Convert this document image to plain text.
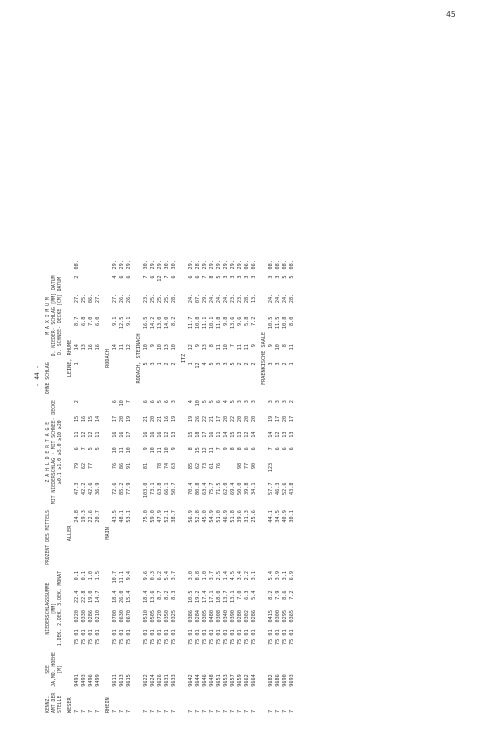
45
- 44 -
KENNZ.
AMT DER
STELLE	SEE
JA,MO. HOEHE
[M]	NIEDERSCHLAGSSUMME
[MM]
1.DEK. 2.DEK. 3.DEK. MONAT				PROZENT DES MITTELS	Z A H L D E R T A G E
MIT NIEDERSCHLAG · MIT SCHNEE- DECKE
≥0.1 ≥1.0 ≥5.0 ≥10 ≥20						OHNE SCHLAG	M A X I M U M
D. NIEDER- SCHLAG [MM] DATUM
D. SCHNEE- DECKE [CM] DATUM				
WESER				ALLER					LEINE, RHUME									
7	9491	75 01	0220	22.4	0.1	24.8	47.3	79	6	11	15	2	1	14	8.7	27.	2	08.
7	9493	75 01	0330	22.8	0.1	19.3	42.2	62	7	12	16			13	6.8	25.		
7	9496	75 01	0286	19.0	1.0	22.6	42.6	77	5	12	15			16	7.0	06.		
7	9499	75 01	0210	14.7	1.5	20.7	36.9		5	11	14			16	6.0	27.		
RHEIN				MAIN					RODACH									
7	9611	75 01	0700	18.4	10.7	43.5	72.6	76	10	16	17	6		14	9.1	27.	4	29.
7	9613	75 01	0630	26.0	11.1	48.1	85.2	86	11	16	20	10		11	12.5	26.	6	29.
7	9615	75 01	0670	15.4	9.4	53.1	77.9	91	10	17	19	7		12	9.1	26.	6	29.
									RODACH, STEINACH									
7	9622	75 01	0510	18.4	9.6	75.0	103.0	81	9	16	21	6	5	10	16.5	23.	7	30.
7	9624	75 01	0505	13.6	0.3	59.0	73.1		10	16	20	6	3	9	14.2	25.	6	29.
7	9626	75 01	0720	8.7	6.2	47.9	63.8	78	11	16	21	5	1	10	13.0	25.	12	29.
7	9631	75 01	0350	8.2	5.4	52.1	66.1	74	10	12	16	6	2	13	14.0	25.	7	30.
7	9633	75 01	0325	8.3	3.7	38.7	50.7	63	9	13	19	3	2	10	8.2	28.	6	30.
									ITZ									
7	9642	75 01	0386	10.5	3.0	56.9	70.4	85	8	15	19	4	1	12	11.7	24.	6	29.
7	9644	75 01	0284	19.2	8.8	52.8	80.8	62	15	18	26	10	12	9	10.8	07.	6	28.
7	9646	75 01	0305	17.4	1.0	45.0	63.4	73	12	17	22	5	4	13	11.1	29.	7	29.
7	9648	75 01	0480	17.1	3.7	54.9	75.7	61	11	16	21	5	5	8	10.1	24.	8	29.
7	9651	75 01	0308	18.0	2.5	51.0	71.5	76	7	11	17	6	3	11	11.8	24.	5	29.
7	9653	75 01	0340	13.7	1.4	46.9	62.0		9	14	20	4	3	10	9.8	24.	3	29.
7	9657	75 01	0390	13.1	4.5	51.8	69.4		8	15	22	5	5	7	13.6	23.	3	29.
7	9659	75 01	0280	7.0	3.4	39.6	50.0	98	8	13	20	3	2	11	9.6	23.	3	29.
7	9662	75 01	0302	6.3	2.2	31.3	39.8	77	6	12	20	3	2	11	5.8	28.	3	06.
7	9664	75 01	0286	5.4	3.1	25.6	34.1	90	6	14	20	3	2	9	7.2	13.	3	06.
									FRAENKISCHE SAALE									
7	9682	75 01	0415	8.2	5.4	44.1	57.7	123	7	14	19	3	3	9	10.5	24.	3	08.
7	9686	75 01	0300	7.9	3.9	34.5	46.3		6	12	17	3	3	10	11.5	24.	3	08.
7	9690	75 01	0295	8.6	3.1	40.9	52.6		6	13	20	3	2	8	10.8	24.	5	08.
7	9693	75 01	0365	7.2	6.9	30.1	43.8		6	13	17	2	1	11	8.0	28.	5	08.
